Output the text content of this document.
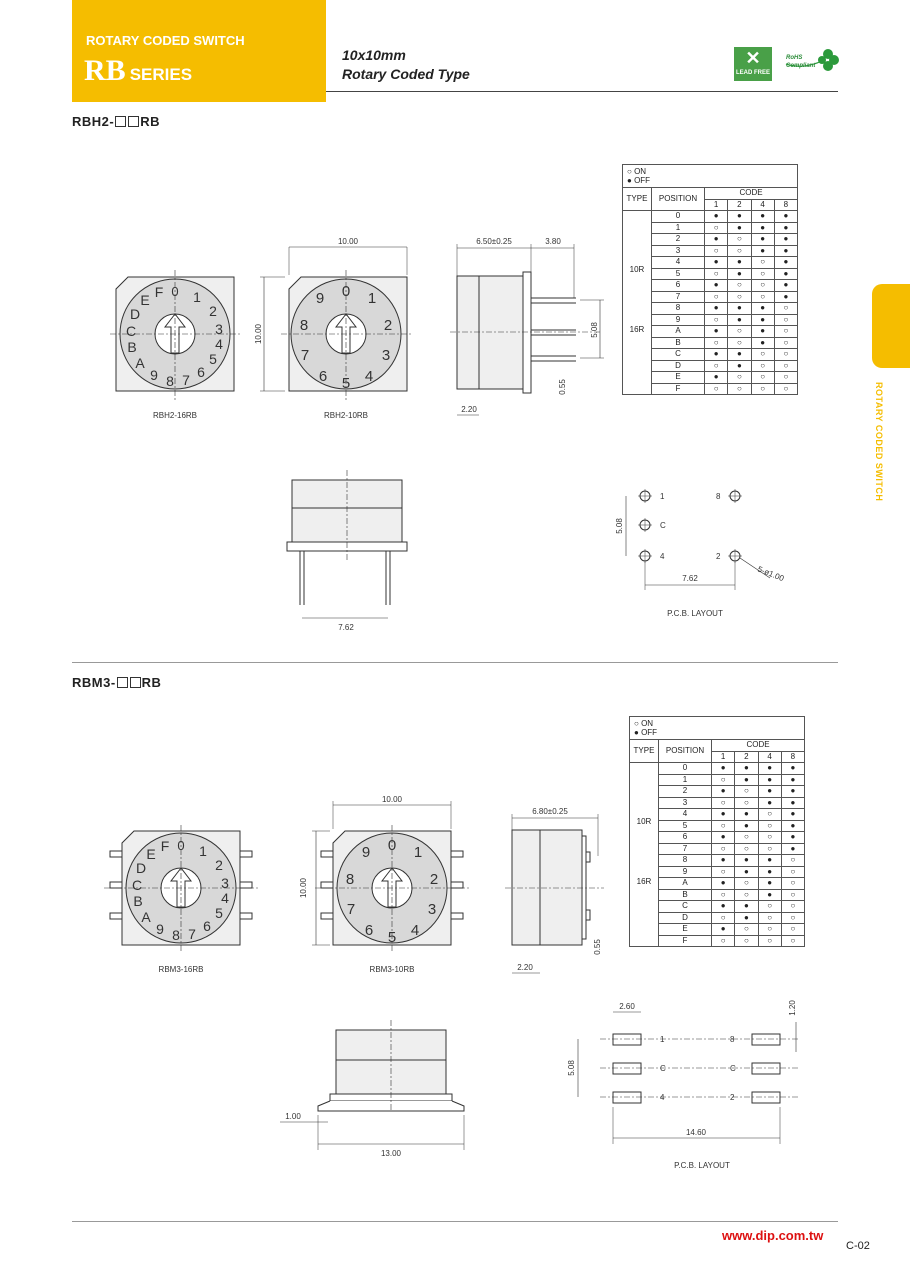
ROTARY CODED SWITCH
RB SERIES
10x10mm
Rotary Coded Type
✕
LEAD FREE
RoHS Compliant
ROTARY CODED SWITCH
RBH2- RB
0	0
1
2
3
4
5
6
7
8
9
A
B
C
D
E F	1
2
3
4
5
6
7
8
9
RBH2-16RB	RBH2-10RB
10.00
10.00
6.50±0.25	3.80
5.08
0.55
2.20
7.62
5.08
7.62	5-ø1.00
1	8
C
4	2
P.C.B. LAYOUT
○ ON
● OFF
TYPE	POSITION	CODE			
		1	2	4	8

10R
16R	0	●	●	●	●
	1	○	●	●	●
	2	●	○	●	●
	3	○	○	●	●
	4	●	●	○	●
	5	○	●	○	●
	6	●	○	○	●
	7	○	○	○	●
	8	●	●	●	○
	9	○	●	●	○
	A	●	○	●	○
	B	○	○	●	○
	C	●	●	○	○
	D	○	●	○	○
	E	●	○	○	○
	F	○	○	○	○
RBM3- RB
0 1
2
3
4
5
6
7
8
9
A
B
C
D
E F	0 1
2
3
4
5
6
7
8
9
RBM3-16RB	RBM3-10RB
10.00
10.00
6.80±0.25
0.55
2.20
1.00
13.00
2.60	1.20
5.08
14.60
1	8
C	C
4	2
P.C.B. LAYOUT
○ ON
● OFF
TYPE	POSITION	CODE			
		1	2	4	8

10R
16R	0	●	●	●	●
	1	○	●	●	●
	2	●	○	●	●
	3	○	○	●	●
	4	●	●	○	●
	5	○	●	○	●
	6	●	○	○	●
	7	○	○	○	●
	8	●	●	●	○
	9	○	●	●	○
	A	●	○	●	○
	B	○	○	●	○
	C	●	●	○	○
	D	○	●	○	○
	E	●	○	○	○
	F	○	○	○	○
www.dip.com.tw
C-02
